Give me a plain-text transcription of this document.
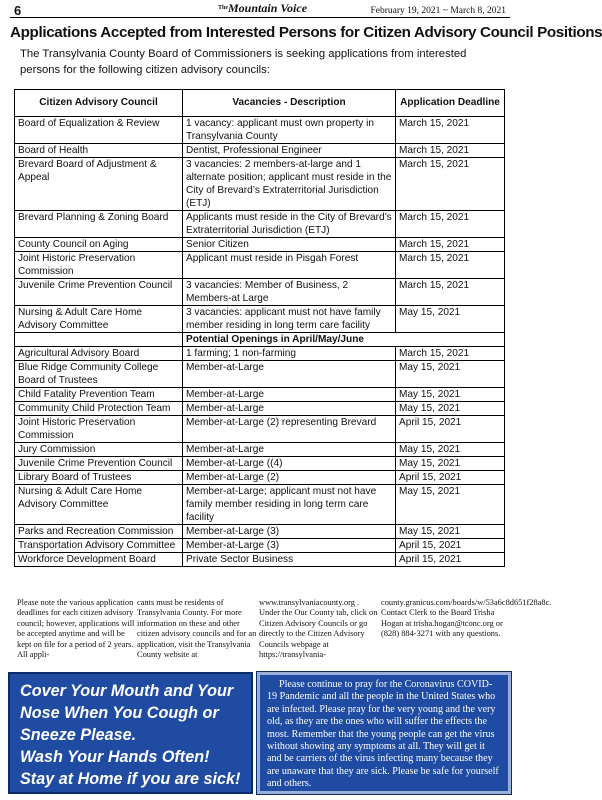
6	$^{The}$Mountain Voice	February 19, 2021 ~ March 8, 2021
Applications Accepted from Interested Persons for Citizen Advisory Council Positions

The Transylvania County Board of Commissioners is seeking applications from interested persons for the following citizen advisory councils:

Citizen Advisory Council	Vacancies - Description	Application Deadline
Board of Equalization & Review	1 vacancy: applicant must own property in Transylvania County	March 15, 2021
Board of Health	Dentist, Professional Engineer	March 15, 2021
Brevard Board of Adjustment & Appeal	3 vacancies: 2 members-at-large and 1 alternate position; applicant must reside in the City of Brevard’s Extraterritorial Jurisdiction (ETJ)	March 15, 2021
Brevard Planning & Zoning Board	Applicants must reside in the City of Brevard’s Extraterritorial Jurisdiction (ETJ)	March 15, 2021
County Council on Aging	Senior Citizen	March 15, 2021
Joint Historic Preservation Commission	Applicant must reside in Pisgah Forest	March 15, 2021
Juvenile Crime Prevention Council	3 vacancies: Member of Business, 2 Members-at Large	March 15, 2021
Nursing & Adult Care Home Advisory Committee	3 vacancies: applicant must not have family member residing in long term care facility	May 15, 2021
	Potential Openings in April/May/June	
Agricultural Advisory Board	1 farming; 1 non-farming	March 15, 2021
Blue Ridge Community College Board of Trustees	Member-at-Large	May 15, 2021
Child Fatality Prevention Team	Member-at-Large	May 15, 2021
Community Child Protection Team	Member-at-Large	May 15, 2021
Joint Historic Preservation Commission	Member-at-Large (2) representing Brevard	April 15, 2021
Jury Commission	Member-at-Large	May 15, 2021
Juvenile Crime Prevention Council	Member-at-Large ((4)	May 15, 2021
Library Board of Trustees	Member-at-Large (2)	April 15, 2021
Nursing & Adult Care Home Advisory Committee	Member-at-Large; applicant must not have family member residing in long term care facility	May 15, 2021
Parks and Recreation Commission	Member-at-Large (3)	May 15, 2021
Transportation Advisory Committee	Member-at-Large (3)	April 15, 2021
Workforce Development Board	Private Sector Business	April 15, 2021

Please note the various application deadlines for each citizen advisory council; however, applications will be accepted anytime and will be kept on file for a period of 2 years. All appli-

cants must be residents of Transylvania County. For more information on these and other citizen advisory councils and for an application, visit the Transylvania County website at

www.transylvaniacounty.org . Under the Our County tab, click on Citizen Advisory Councils or go directly to the Citizen Advisory Councils webpage at https://transylvania-

county.granicus.com/boards/w/53a6c8d651f28a8c. Contact Clerk to the Board Trisha Hogan at trisha.hogan@tconc.org or (828) 884-3271 with any questions.

Cover Your Mouth and Your
Nose When You Cough or
Sneeze Please.
Wash Your Hands Often!
Stay at Home if you are sick!

Please continue to pray for the Coronavirus COVID-19 Pandemic and all the people in the United States who are infected. Please pray for the very young and the very old, as they are the ones who will suffer the effects the most. Remember that the young people can get the virus without showing any symptoms at all. They will get it and be carriers of the virus infecting many because they are unaware that they are sick. Please be safe for yourself and others.
